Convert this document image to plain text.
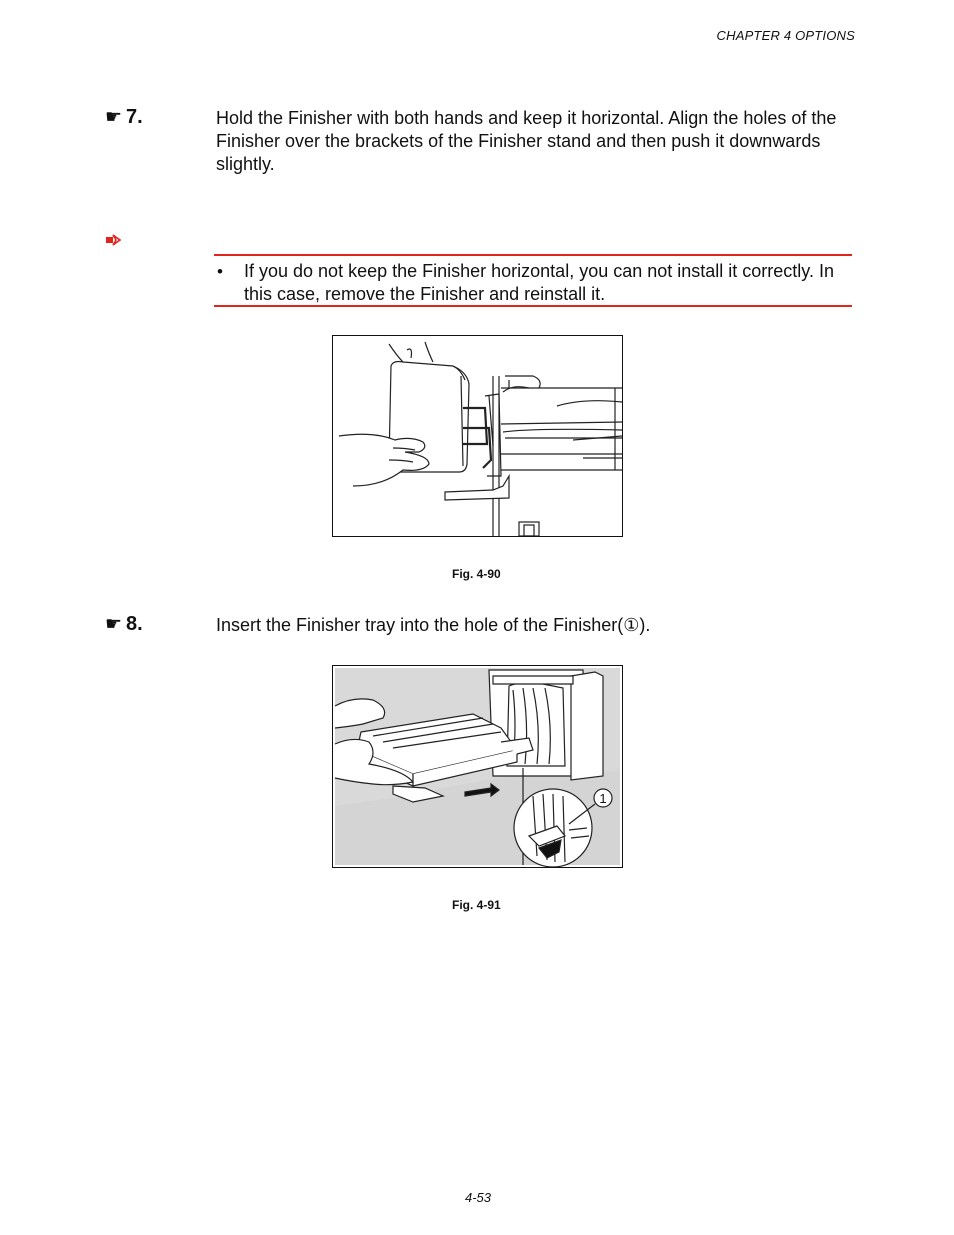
CHAPTER 4 OPTIONS
☛ 7.	Hold the Finisher with both hands and keep it horizontal. Align the holes of the Finisher over the brackets of the Finisher stand and then push it downwards slightly.
• If you do not keep the Finisher horizontal, you can not install it correctly. In this case, remove the Finisher and reinstall it.
Fig. 4-90
☛ 8.	Insert the Finisher tray into the hole of the Finisher(①).
1
Fig. 4-91
4-53
